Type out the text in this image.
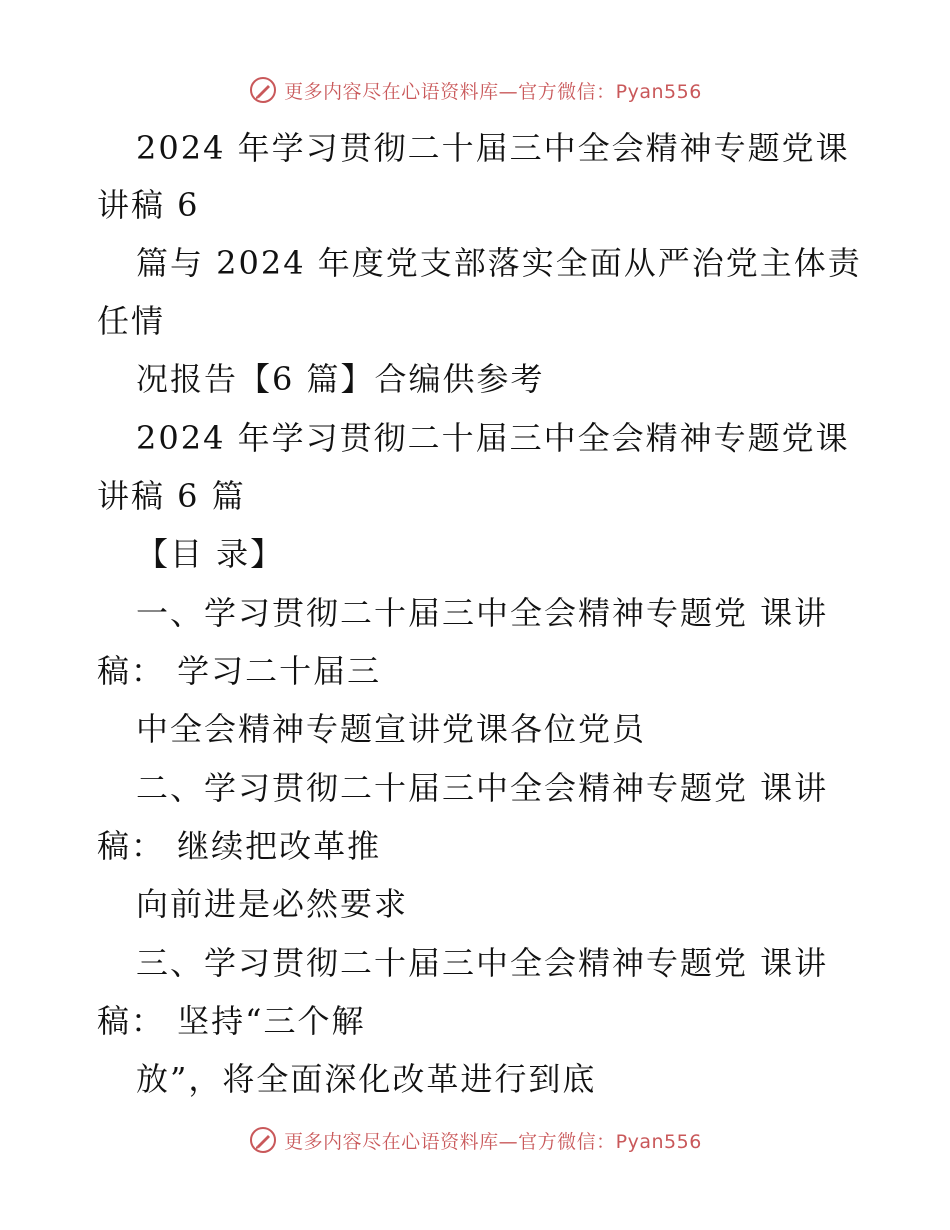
更多内容尽在心语资料库—官方微信：Pyan556
2024 年学习贯彻二十届三中全会精神专题党课
讲稿 6
篇与 2024 年度党支部落实全面从严治党主体责
任情
况报告【6 篇】合编供参考
2024 年学习贯彻二十届三中全会精神专题党课
讲稿 6 篇
【目 录】
一、学习贯彻二十届三中全会精神专题党 课讲
稿： 学习二十届三
中全会精神专题宣讲党课各位党员
二、学习贯彻二十届三中全会精神专题党 课讲
稿： 继续把改革推
向前进是必然要求
三、学习贯彻二十届三中全会精神专题党 课讲
稿： 坚持“三个解
放”，将全面深化改革进行到底
更多内容尽在心语资料库—官方微信：Pyan556
